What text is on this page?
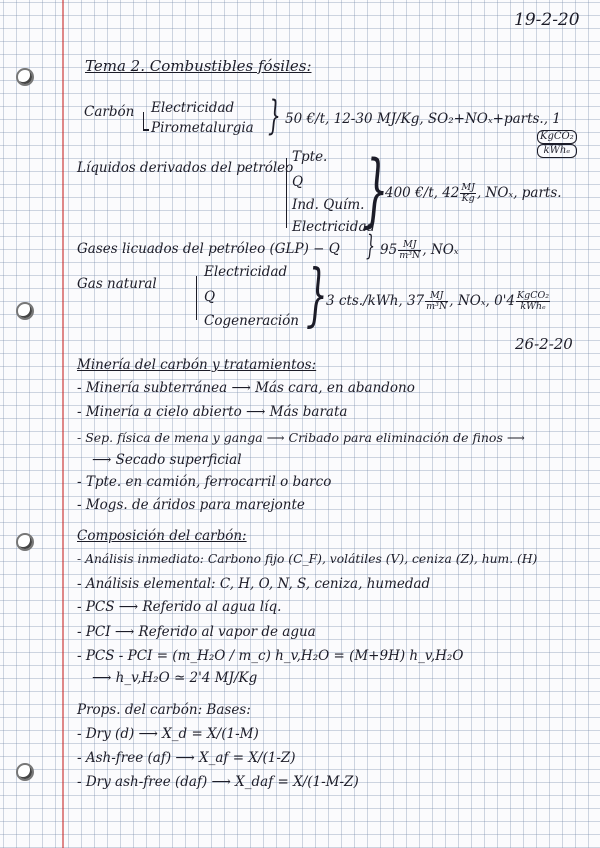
19-2-20
Tema 2. Combustibles fósiles:
Carbón Electricidad
Pirometalurgia } 50 €/t, 12-30 MJ/Kg, SO₂+NOₓ+parts., 1
KgCO₂
kWhₑ
Líquidos derivados del petróleo
Tpte.
Q
Ind. Quím.
Electricidad
}
400 €/t, $42 \frac{MJ}{Kg}$ , NOₓ, parts.
Gases licuados del petróleo (GLP) − Q } $95 \frac{MJ}{\text{m³N}}$ , NOₓ
Gas natural
Electricidad
Q
Cogeneración }
3 cts./kWh, $37 \frac{MJ}{\text{m³N}}$ , NOₓ, $0'4 \frac{\text{KgCO₂}}{\text{kWhₑ}}$
26-2-20
Minería del carbón y tratamientos:
- Minería subterránea ⟶ Más cara, en abandono
- Minería a cielo abierto ⟶ Más barata
- Sep. física de mena y ganga ⟶ Cribado para eliminación de finos ⟶
⟶ Secado superficial
- Tpte. en camión, ferrocarril o barco
- Mogs. de áridos para marejonte
Composición del carbón:
- Análisis inmediato: Carbono fijo (C_F), volátiles (V), ceniza (Z), hum. (H)
- Análisis elemental: C, H, O, N, S, ceniza, humedad
- PCS ⟶ Referido al agua líq.
- PCI ⟶ Referido al vapor de agua
- PCS - PCI = (m_H₂O / m_c) h_v,H₂O = (M+9H) h_v,H₂O
⟶ h_v,H₂O ≃ 2'4 MJ/Kg
Props. del carbón: Bases:
- Dry (d) ⟶ X_d = X/(1-M)
- Ash-free (af) ⟶ X_af = X/(1-Z)
- Dry ash-free (daf) ⟶ X_daf = X/(1-M-Z)
